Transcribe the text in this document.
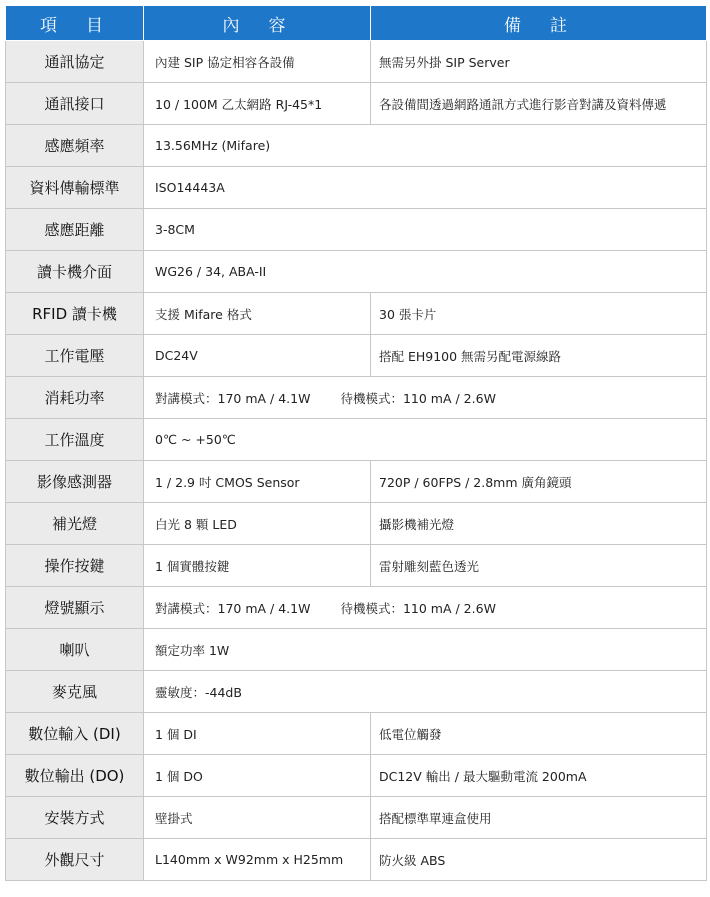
項　目	內　容	備　註
通訊協定	內建 SIP 協定相容各設備	無需另外掛 SIP Server
通訊接口	10 / 100M 乙太網路 RJ-45*1	各設備間透過網路通訊方式進行影音對講及資料傳遞
感應頻率	13.56MHz (Mifare)	
資料傳輸標準	ISO14443A	
感應距離	3-8CM	
讀卡機介面	WG26 / 34, ABA-II	
RFID 讀卡機	支援 Mifare 格式	30 張卡片
工作電壓	DC24V	搭配 EH9100 無需另配電源線路
消耗功率	對講模式：170 mA / 4.1W 待機模式：110 mA / 2.6W	
工作溫度	0℃ ~ +50℃	
影像感測器	1 / 2.9 吋 CMOS Sensor	720P / 60FPS / 2.8mm 廣角鏡頭
補光燈	白光 8 顆 LED	攝影機補光燈
操作按鍵	1 個實體按鍵	雷射雕刻藍色透光
燈號顯示	對講模式：170 mA / 4.1W 待機模式：110 mA / 2.6W	
喇叭	額定功率 1W	
麥克風	靈敏度：-44dB	
數位輸入 (DI)	1 個 DI	低電位觸發
數位輸出 (DO)	1 個 DO	DC12V 輸出 / 最大驅動電流 200mA
安裝方式	壁掛式	搭配標準單連盒使用
外觀尺寸	L140mm x W92mm x H25mm	防火級 ABS
